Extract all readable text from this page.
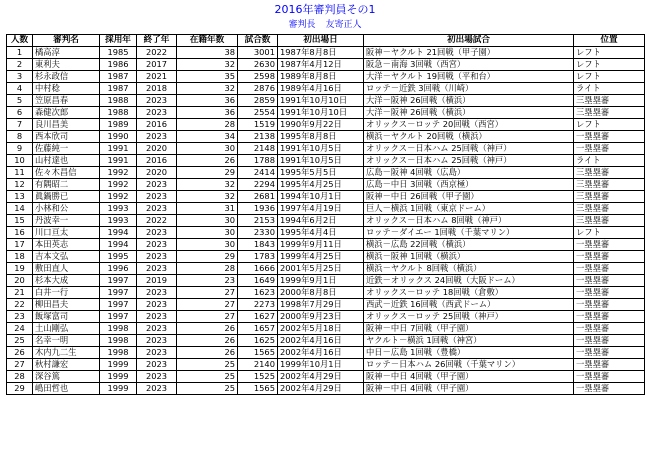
2016年審判員その1
審判長 友寄正人
人数	審判名	採用年	終了年	在籍年数	試合数	初出場日	初出場試合	位置
1	橘高淳	1985	2022	38	3001	1987年8月8日	阪神－ヤクルト 21回戦（甲子園）	レフト
2	東利夫	1986	2017	32	2630	1987年4月12日	阪急－南海 3回戦（西宮）	レフト
3	杉永政信	1987	2021	35	2598	1989年8月8日	大洋－ヤクルト 19回戦（平和台）	レフト
4	中村稔	1987	2018	32	2876	1989年4月16日	ロッテ－近鉄 3回戦（川崎）	ライト
5	笠原昌春	1988	2023	36	2859	1991年10月10日	大洋－阪神 26回戦（横浜）	三塁塁審
6	森健次郎	1988	2023	36	2554	1991年10月10日	大洋－阪神 26回戦（横浜）	三塁塁審
7	良川昌美	1989	2016	28	1519	1990年9月22日	オリックス－ロッテ 20回戦（西宮）	レフト
8	西本欣司	1990	2023	34	2138	1995年8月8日	横浜－ヤクルト 20回戦（横浜）	一塁塁審
9	佐藤純一	1991	2020	30	2148	1991年10月5日	オリックス－日本ハム 25回戦（神戸）	一塁塁審
10	山村達也	1991	2016	26	1788	1991年10月5日	オリックス－日本ハム 25回戦（神戸）	ライト
11	佐々木昌信	1992	2020	29	2414	1995年5月5日	広島－阪神 4回戦（広島）	三塁塁審
12	有隅昭二	1992	2023	32	2294	1995年4月25日	広島－中日 3回戦（西京極）	三塁塁審
13	眞鍋勝已	1992	2023	32	2681	1994年10月1日	阪神－中日 26回戦（甲子園）	三塁塁審
14	小林和公	1993	2023	31	1936	1997年4月19日	巨人－横浜 1回戦（東京ドーム）	三塁塁審
15	丹波幸一	1993	2022	30	2153	1994年6月2日	オリックス－日本ハム 8回戦（神戸）	三塁塁審
16	川口亘太	1994	2023	30	2330	1995年4月4日	ロッテ－ダイエー 1回戦（千葉マリン）	レフト
17	本田英志	1994	2023	30	1843	1999年9月11日	横浜－広島 22回戦（横浜）	一塁塁審
18	吉本文弘	1995	2023	29	1783	1999年4月25日	横浜－阪神 1回戦（横浜）	一塁塁審
19	敷田直人	1996	2023	28	1666	2001年5月25日	横浜－ヤクルト 8回戦（横浜）	一塁塁審
20	杉本大成	1997	2019	23	1649	1999年9月1日	近鉄－オリックス 24回戦（大阪ドーム）	一塁塁審
21	白井一行	1997	2023	27	1623	2000年8月8日	オリックス－ロッテ 18回戦（倉敷）	一塁塁審
22	柳田昌夫	1997	2023	27	2273	1998年7月29日	西武－近鉄 16回戦（西武ドーム）	一塁塁審
23	飯塚富司	1997	2023	27	1627	2000年9月23日	オリックス－ロッテ 25回戦（神戸）	一塁塁審
24	土山剛弘	1998	2023	26	1657	2002年5月18日	阪神－中日 7回戦（甲子園）	一塁塁審
25	名幸一明	1998	2023	26	1625	2002年4月16日	ヤクルト－横浜 1回戦（神宮）	一塁塁審
26	木内九二生	1998	2023	26	1565	2002年4月16日	中日－広島 1回戦（豊橋）	一塁塁審
27	秋村謙宏	1999	2023	25	2140	1999年10月1日	ロッテ－日本ハム 26回戦（千葉マリン）	一塁塁審
28	深谷篤	1999	2023	25	1525	2002年4月29日	阪神－中日 4回戦（甲子園）	一塁塁審
29	嶋田哲也	1999	2023	25	1565	2002年4月29日	阪神－中日 4回戦（甲子園）	一塁塁審
